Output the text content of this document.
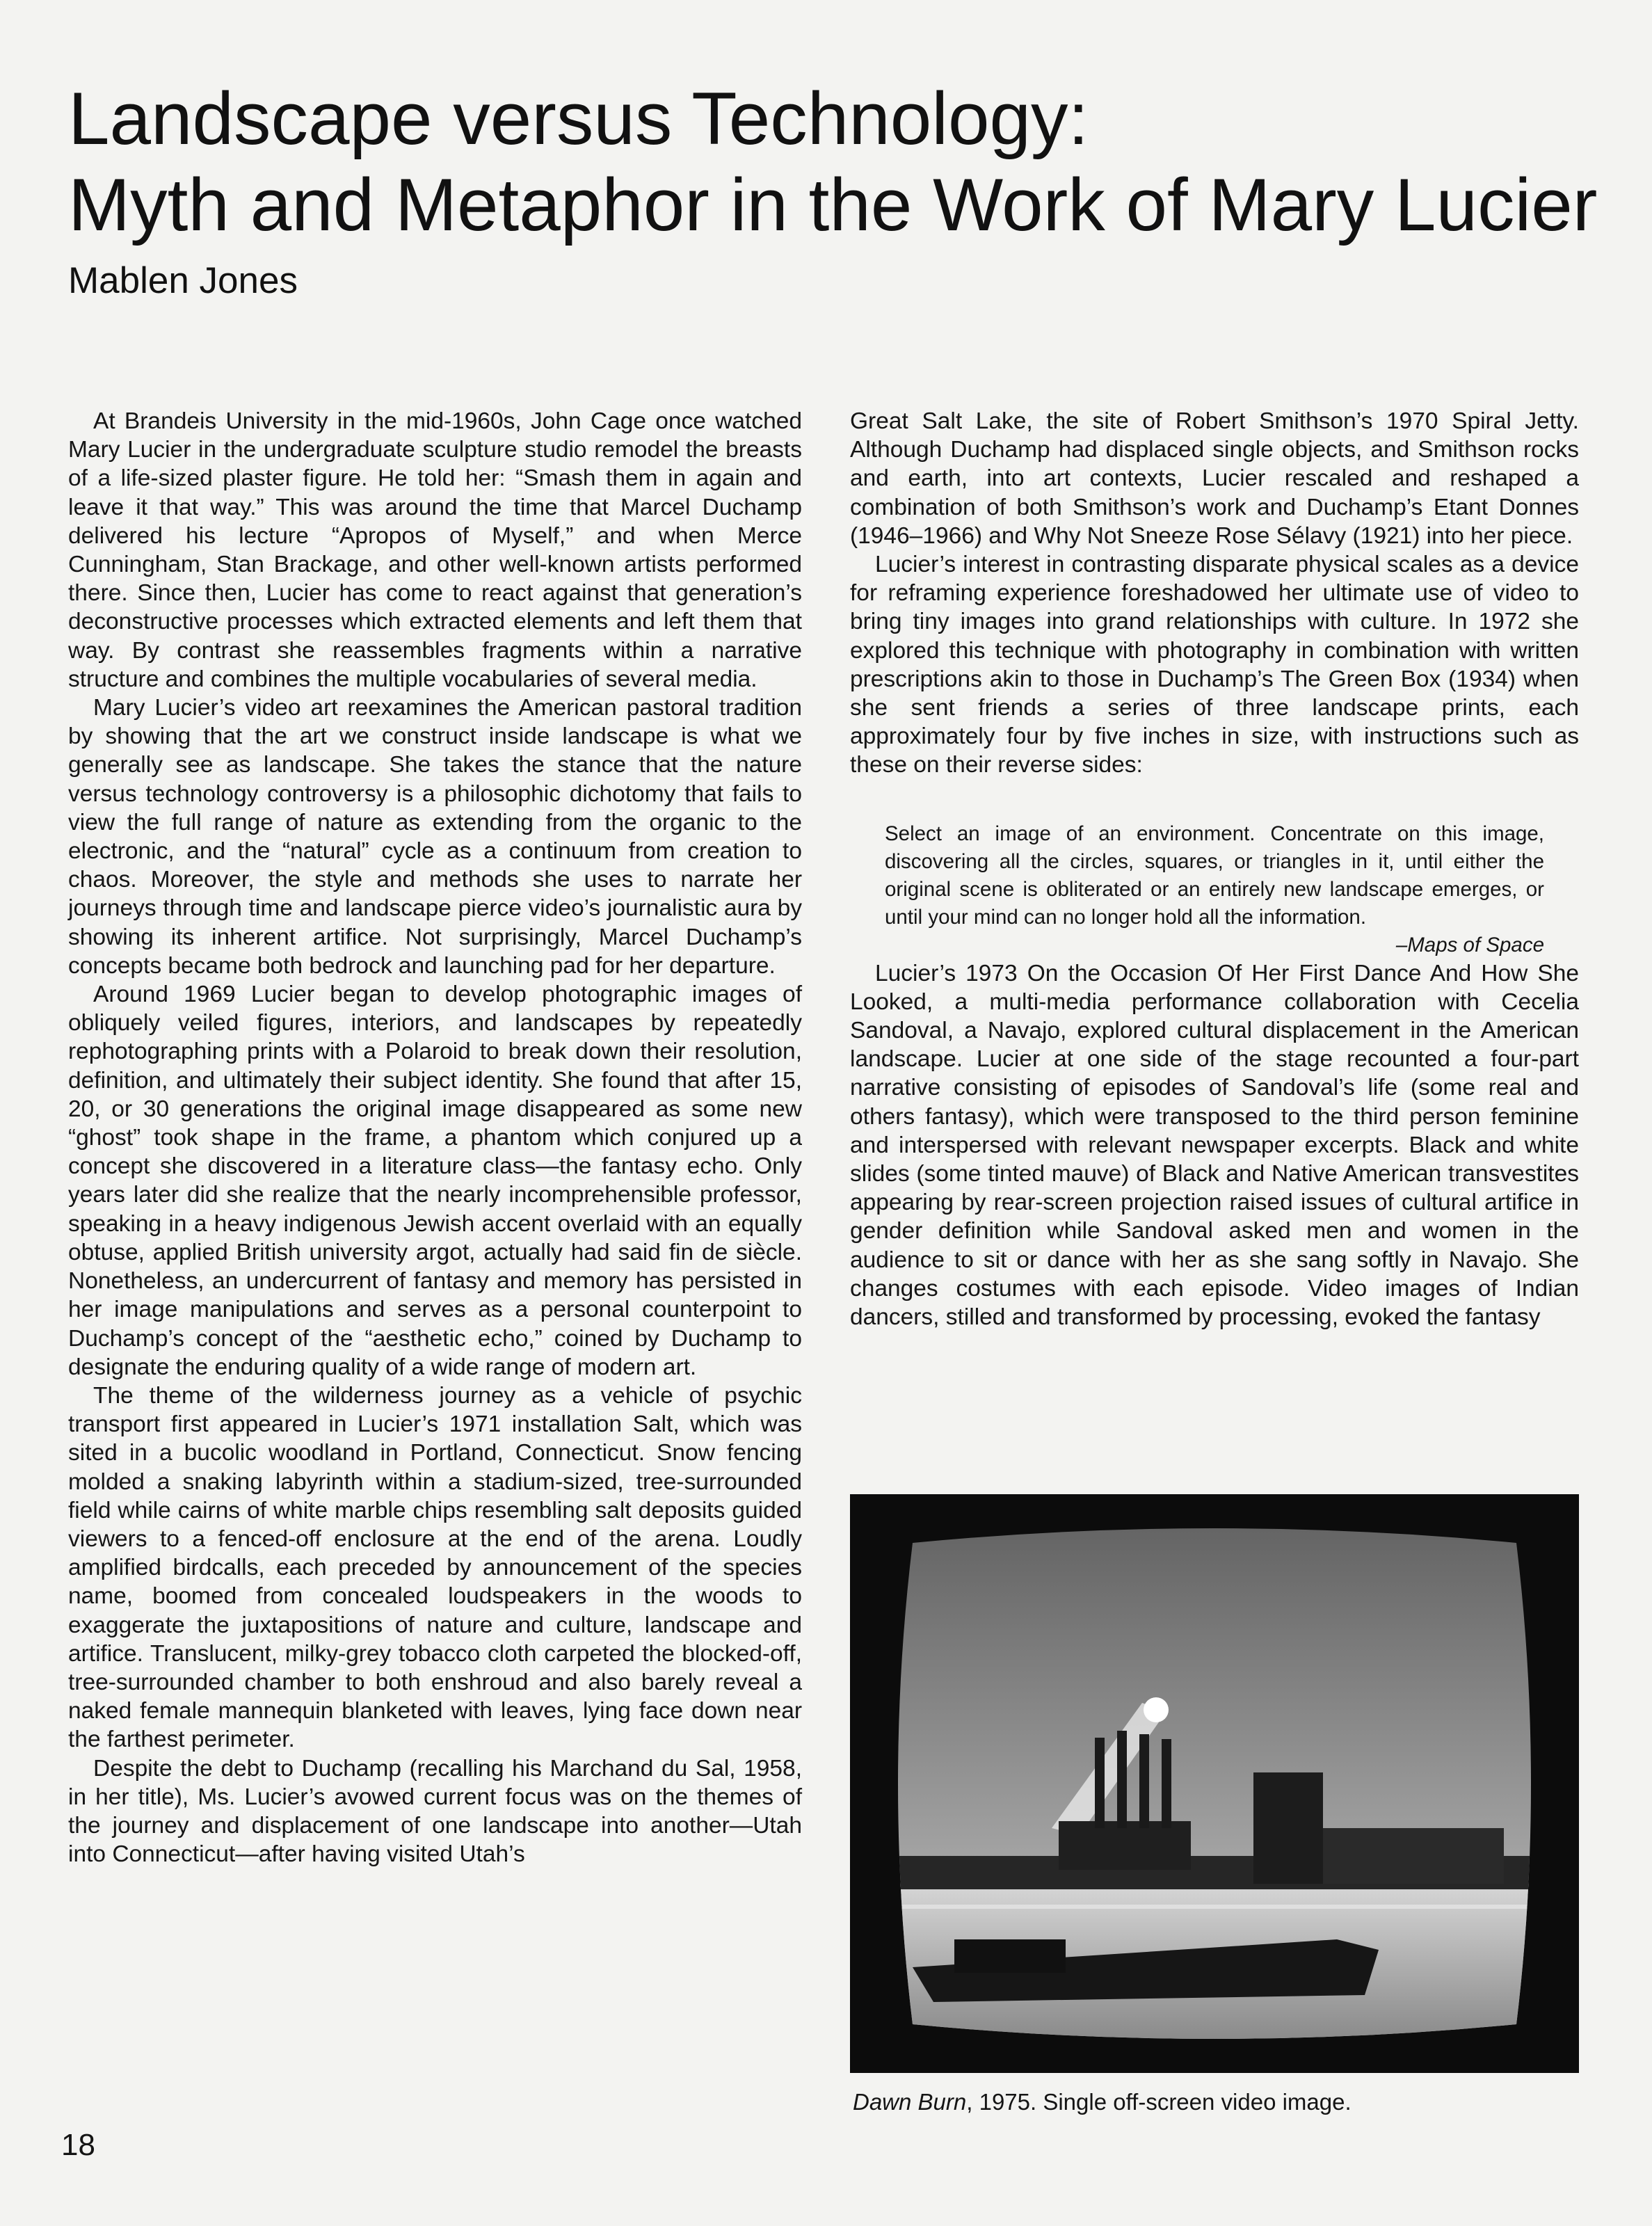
Landscape versus Technology:
Myth and Metaphor in the Work of Mary Lucier
Mablen Jones

At Brandeis University in the mid-1960s, John Cage once watched Mary Lucier in the undergraduate sculpture studio remodel the breasts of a life-sized plaster figure. He told her: “Smash them in again and leave it that way.” This was around the time that Marcel Duchamp delivered his lecture “Apropos of Myself,” and when Merce Cunningham, Stan Brackage, and other well-known artists performed there. Since then, Lucier has come to react against that generation’s deconstructive processes which extracted elements and left them that way. By contrast she reassembles fragments within a narrative structure and combines the multiple vocabularies of several media.

Mary Lucier’s video art reexamines the American pastoral tradition by showing that the art we construct inside landscape is what we generally see as landscape. She takes the stance that the nature versus technology controversy is a philosophic dichotomy that fails to view the full range of nature as extending from the organic to the electronic, and the “natural” cycle as a continuum from creation to chaos. Moreover, the style and methods she uses to narrate her journeys through time and landscape pierce video’s journalistic aura by showing its inherent artifice. Not surprisingly, Marcel Duchamp’s concepts became both bedrock and launching pad for her departure.

Around 1969 Lucier began to develop photographic images of obliquely veiled figures, interiors, and landscapes by repeatedly rephotographing prints with a Polaroid to break down their resolution, definition, and ultimately their subject identity. She found that after 15, 20, or 30 generations the original image disappeared as some new “ghost” took shape in the frame, a phantom which conjured up a concept she discovered in a literature class—the fantasy echo. Only years later did she realize that the nearly incomprehensible professor, speaking in a heavy indigenous Jewish accent overlaid with an equally obtuse, applied British university argot, actually had said fin de siècle. Nonetheless, an undercurrent of fantasy and memory has persisted in her image manipulations and serves as a personal counterpoint to Duchamp’s concept of the “aesthetic echo,” coined by Duchamp to designate the enduring quality of a wide range of modern art.

The theme of the wilderness journey as a vehicle of psychic transport first appeared in Lucier’s 1971 installation Salt, which was sited in a bucolic woodland in Portland, Connecticut. Snow fencing molded a snaking labyrinth within a stadium-sized, tree-surrounded field while cairns of white marble chips resembling salt deposits guided viewers to a fenced-off enclosure at the end of the arena. Loudly amplified birdcalls, each preceded by announcement of the species name, boomed from concealed loudspeakers in the woods to exaggerate the juxtapositions of nature and culture, landscape and artifice. Translucent, milky-grey tobacco cloth carpeted the blocked-off, tree-surrounded chamber to both enshroud and also barely reveal a naked female mannequin blanketed with leaves, lying face down near the farthest perimeter.

Despite the debt to Duchamp (recalling his Marchand du Sal, 1958, in her title), Ms. Lucier’s avowed current focus was on the themes of the journey and displacement of one landscape into another—Utah into Connecticut—after having visited Utah’s

Great Salt Lake, the site of Robert Smithson’s 1970 Spiral Jetty. Although Duchamp had displaced single objects, and Smithson rocks and earth, into art contexts, Lucier rescaled and reshaped a combination of both Smithson’s work and Duchamp’s Etant Donnes (1946–1966) and Why Not Sneeze Rose Sélavy (1921) into her piece.

Lucier’s interest in contrasting disparate physical scales as a device for reframing experience foreshadowed her ultimate use of video to bring tiny images into grand relationships with culture. In 1972 she explored this technique with photography in combination with written prescriptions akin to those in Duchamp’s The Green Box (1934) when she sent friends a series of three landscape prints, each approximately four by five inches in size, with instructions such as these on their reverse sides:

Select an image of an environment. Concentrate on this image, discovering all the circles, squares, or triangles in it, until either the original scene is obliterated or an entirely new landscape emerges, or until your mind can no longer hold all the information.
–Maps of Space

Lucier’s 1973 On the Occasion Of Her First Dance And How She Looked, a multi-media performance collaboration with Cecelia Sandoval, a Navajo, explored cultural displacement in the American landscape. Lucier at one side of the stage recounted a four-part narrative consisting of episodes of Sandoval’s life (some real and others fantasy), which were transposed to the third person feminine and interspersed with relevant newspaper excerpts. Black and white slides (some tinted mauve) of Black and Native American transvestites appearing by rear-screen projection raised issues of cultural artifice in gender definition while Sandoval asked men and women in the audience to sit or dance with her as she sang softly in Navajo. She changes costumes with each episode. Video images of Indian dancers, stilled and transformed by processing, evoked the fantasy

Dawn Burn, 1975. Single off-screen video image.
18
